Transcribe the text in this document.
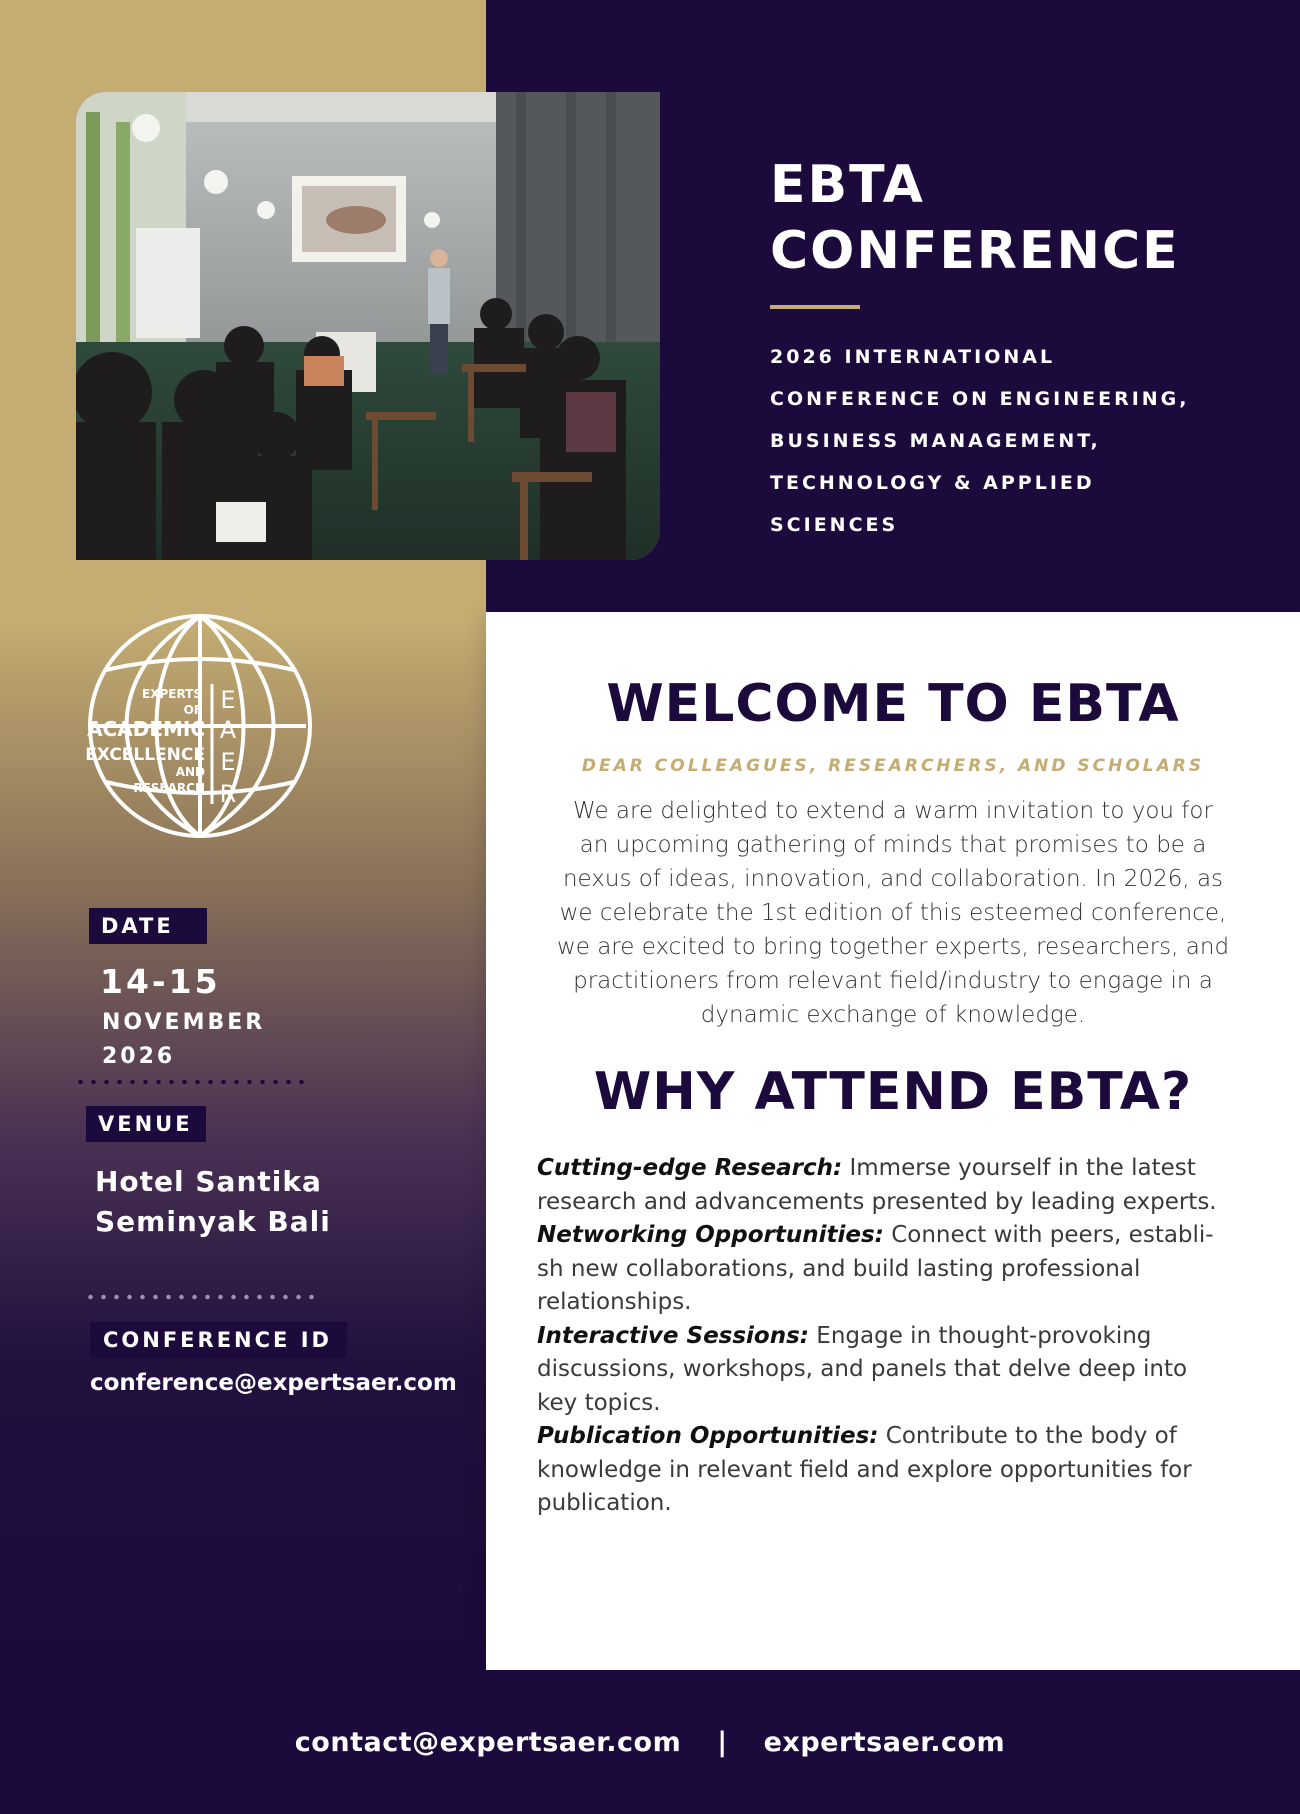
EBTA
CONFERENCE
2026 INTERNATIONAL
CONFERENCE ON ENGINEERING,
BUSINESS MANAGEMENT,
TECHNOLOGY & APPLIED
SCIENCES
EXPERTS
OF
ACADEMIC
EXCELLENCE
AND
RESEARCH
E
A
E
R
DATE
14-15
NOVEMBER
2026
VENUE
Hotel Santika
Seminyak Bali
CONFERENCE ID
conference@expertsaer.com
WELCOME TO EBTA
DEAR COLLEAGUES, RESEARCHERS, AND SCHOLARS
We are delighted to extend a warm invitation to you for
an upcoming gathering of minds that promises to be a
nexus of ideas, innovation, and collaboration. In 2026, as
we celebrate the 1st edition of this esteemed conference,
we are excited to bring together experts, researchers, and
practitioners from relevant field/industry to engage in a
dynamic exchange of knowledge.
WHY ATTEND EBTA?

Cutting-edge Research: Immerse yourself in the latest research and advancements presented by leading experts.

Networking Opportunities: Connect with peers, establi-sh new collaborations, and build lasting professional relationships.

Interactive Sessions: Engage in thought-provoking discussions, workshops, and panels that delve deep into key topics.

Publication Opportunities: Contribute to the body of knowledge in relevant field and explore opportunities for publication.

contact@expertsaer.com | expertsaer.com
